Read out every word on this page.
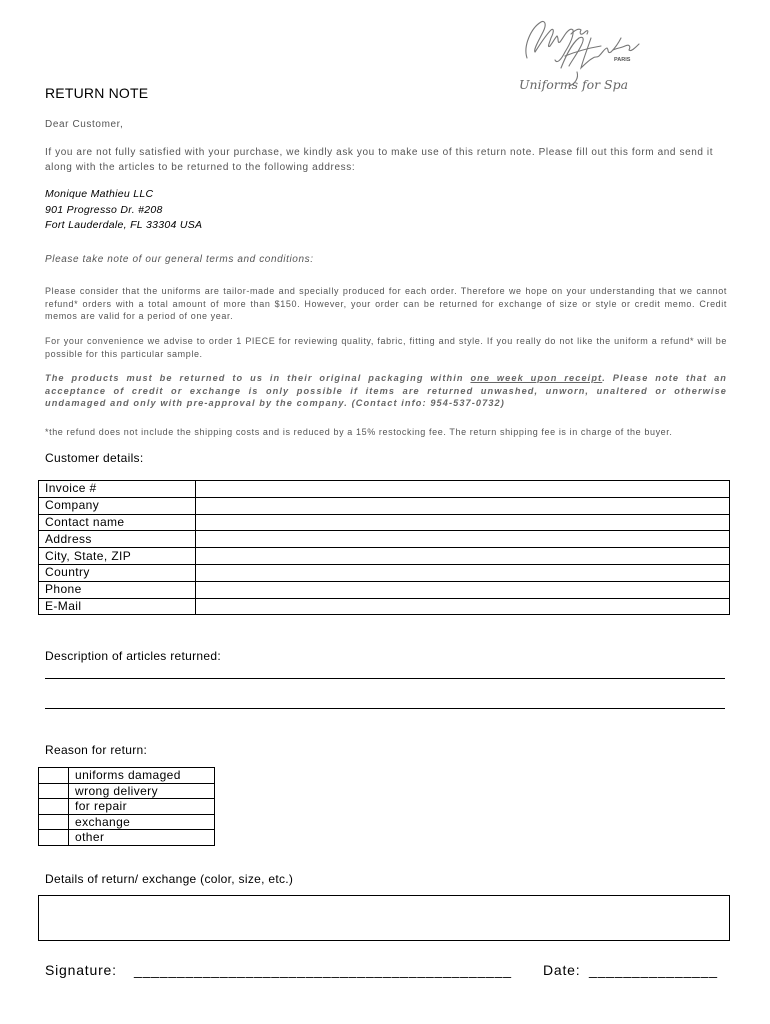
PARIS
Uniforms for Spa
RETURN NOTE
Dear Customer,
If you are not fully satisfied with your purchase, we kindly ask you to make use of this return note. Please fill out this form and send it along with the articles to be returned to the following address:
Monique Mathieu LLC
901 Progresso Dr. #208
Fort Lauderdale, FL 33304 USA
Please take note of our general terms and conditions:
Please consider that the uniforms are tailor-made and specially produced for each order. Therefore we hope on your understanding that we cannot refund* orders with a total amount of more than $150. However, your order can be returned for exchange of size or style or credit memo. Credit memos are valid for a period of one year.
For your convenience we advise to order 1 PIECE for reviewing quality, fabric, fitting and style. If you really do not like the uniform a refund* will be possible for this particular sample.
The products must be returned to us in their original packaging within one week upon receipt. Please note that an acceptance of credit or exchange is only possible if items are returned unwashed, unworn, unaltered or otherwise undamaged and only with pre-approval by the company. (Contact info: 954-537-0732)
*the refund does not include the shipping costs and is reduced by a 15% restocking fee. The return shipping fee is in charge of the buyer.
Customer details:
Invoice #	
Company	
Contact name	
Address	
City, State, ZIP	
Country	
Phone	
E-Mail	
Description of articles returned:
Reason for return:
	uniforms damaged
	wrong delivery
	for repair
	exchange
	other
Details of return/ exchange (color, size, etc.)
Signature: ____________________________________________ Date: _______________
